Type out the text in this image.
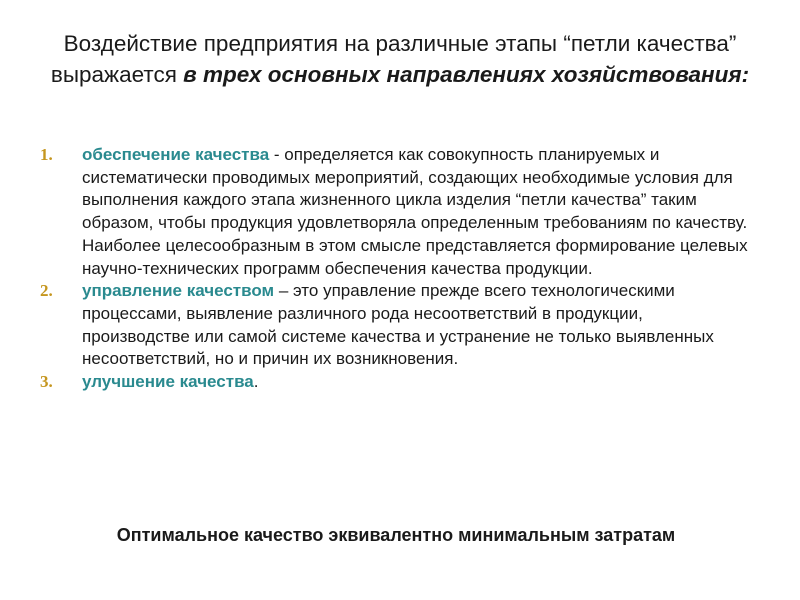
Воздействие предприятия на различные этапы “петли качества” выражается в трех основных направлениях хозяйствования:
1.	обеспечение качества - определяется как совокупность планируемых и систематически проводимых мероприятий, создающих необходимые условия для выполнения каждого этапа жизненного цикла изделия “петли качества” таким образом, чтобы продукция удовлетворяла определенным требованиям по качеству. Наиболее целесообразным в этом смысле представляется формирование целевых научно-технических программ обеспечения качества продукции.
2.	управление качеством – это управление прежде всего технологическими процессами, выявление различного рода несоответствий в продукции, производстве или самой системе качества и устранение не только выявленных несоответствий, но и причин их возникновения.
3.	улучшение качества.
Оптимальное качество эквивалентно минимальным затратам
